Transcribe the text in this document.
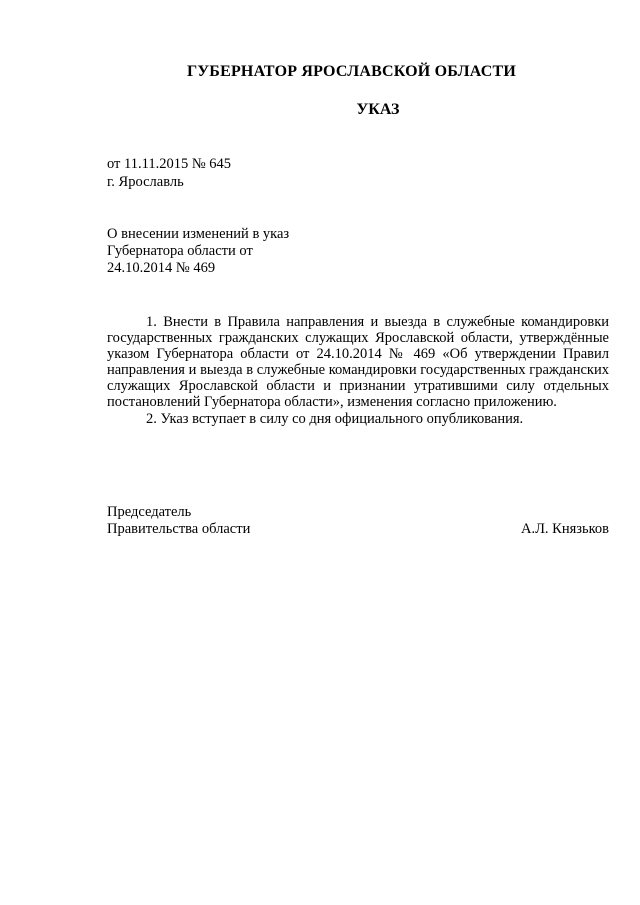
ГУБЕРНАТОР ЯРОСЛАВСКОЙ ОБЛАСТИ
УКАЗ
от 11.11.2015 № 645
г. Ярославль
О внесении изменений в указ
Губернатора области от
24.10.2014 № 469

1. Внести в Правила направления и выезда в служебные командировки государственных гражданских служащих Ярославской области, утверждённые указом Губернатора области от 24.10.2014 № 469 «Об утверждении Правил направления и выезда в служебные командировки государственных гражданских служащих Ярославской области и признании утратившими силу отдельных постановлений Губернатора области», изменения согласно приложению.

2. Указ вступает в силу со дня официального опубликования.

Председатель
Правительства области	А.Л. Князьков
